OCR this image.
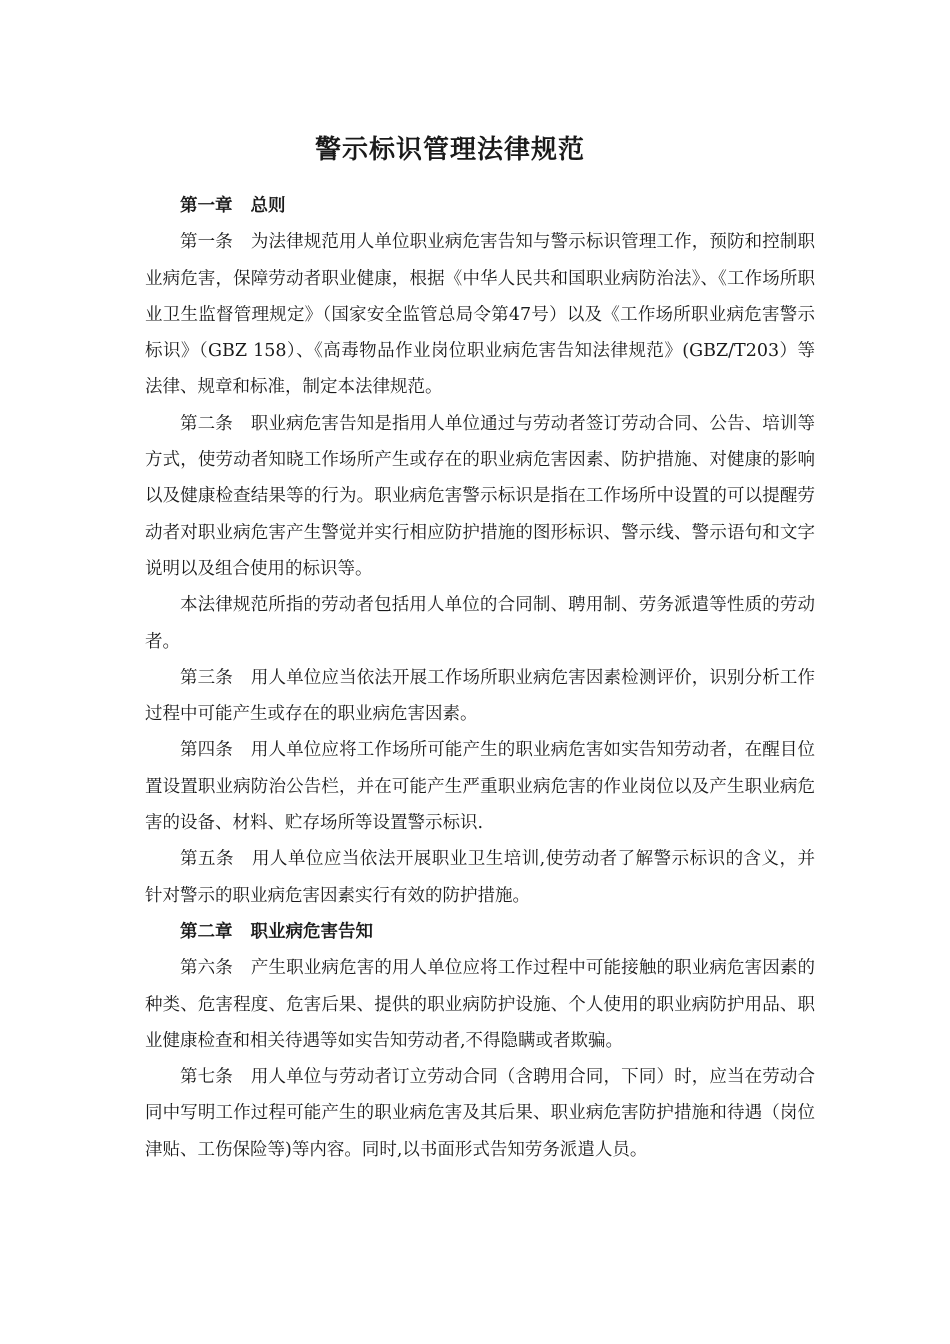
警示标识管理法律规范

第一章 总则

第一条 为法律规范用人单位职业病危害告知与警示标识管理工作，预防和控制职业病危害，保障劳动者职业健康，根据《中华人民共和国职业病防治法》、《工作场所职业卫生监督管理规定》（国家安全监管总局令第47号）以及《工作场所职业病危害警示标识》（GBZ 158）、《高毒物品作业岗位职业病危害告知法律规范》(GBZ/T203）等法律、规章和标准，制定本法律规范。

第二条 职业病危害告知是指用人单位通过与劳动者签订劳动合同、公告、培训等方式，使劳动者知晓工作场所产生或存在的职业病危害因素、防护措施、对健康的影响以及健康检查结果等的行为。职业病危害警示标识是指在工作场所中设置的可以提醒劳动者对职业病危害产生警觉并实行相应防护措施的图形标识、警示线、警示语句和文字说明以及组合使用的标识等。

本法律规范所指的劳动者包括用人单位的合同制、聘用制、劳务派遣等性质的劳动者。

第三条 用人单位应当依法开展工作场所职业病危害因素检测评价，识别分析工作过程中可能产生或存在的职业病危害因素。

第四条 用人单位应将工作场所可能产生的职业病危害如实告知劳动者，在醒目位置设置职业病防治公告栏，并在可能产生严重职业病危害的作业岗位以及产生职业病危害的设备、材料、贮存场所等设置警示标识.

第五条 用人单位应当依法开展职业卫生培训,使劳动者了解警示标识的含义，并针对警示的职业病危害因素实行有效的防护措施。

第二章 职业病危害告知

第六条 产生职业病危害的用人单位应将工作过程中可能接触的职业病危害因素的种类、危害程度、危害后果、提供的职业病防护设施、个人使用的职业病防护用品、职业健康检查和相关待遇等如实告知劳动者,不得隐瞒或者欺骗。

第七条 用人单位与劳动者订立劳动合同（含聘用合同，下同）时，应当在劳动合同中写明工作过程可能产生的职业病危害及其后果、职业病危害防护措施和待遇（岗位津贴、工伤保险等)等内容。同时,以书面形式告知劳务派遣人员。
